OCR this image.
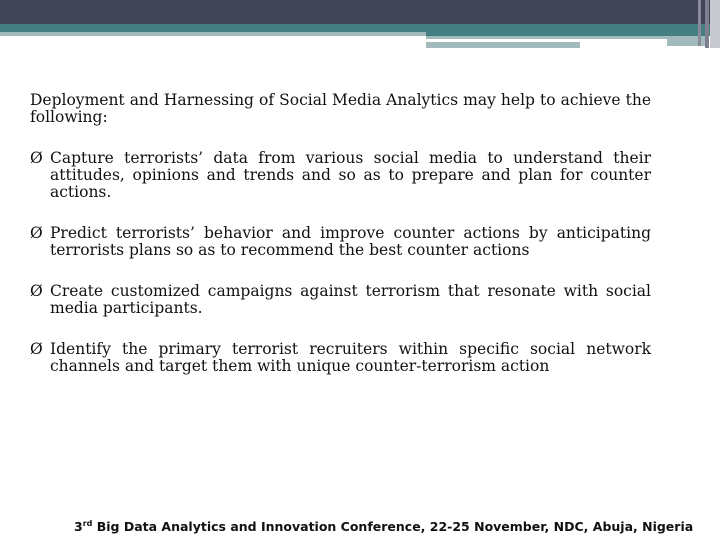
Deployment and Harnessing of Social Media Analytics may help to achieve the following:
Ø Capture terrorists’ data from various social media to understand their attitudes, opinions and trends and so as to prepare and plan for counter actions.
Ø Predict terrorists’ behavior and improve counter actions by anticipating terrorists plans so as to recommend the best counter actions
Ø Create customized campaigns against terrorism that resonate with social media participants.
Ø Identify the primary terrorist recruiters within specific social network channels and target them with unique counter-terrorism action
3rd Big Data Analytics and Innovation Conference, 22-25 November, NDC, Abuja, Nigeria
